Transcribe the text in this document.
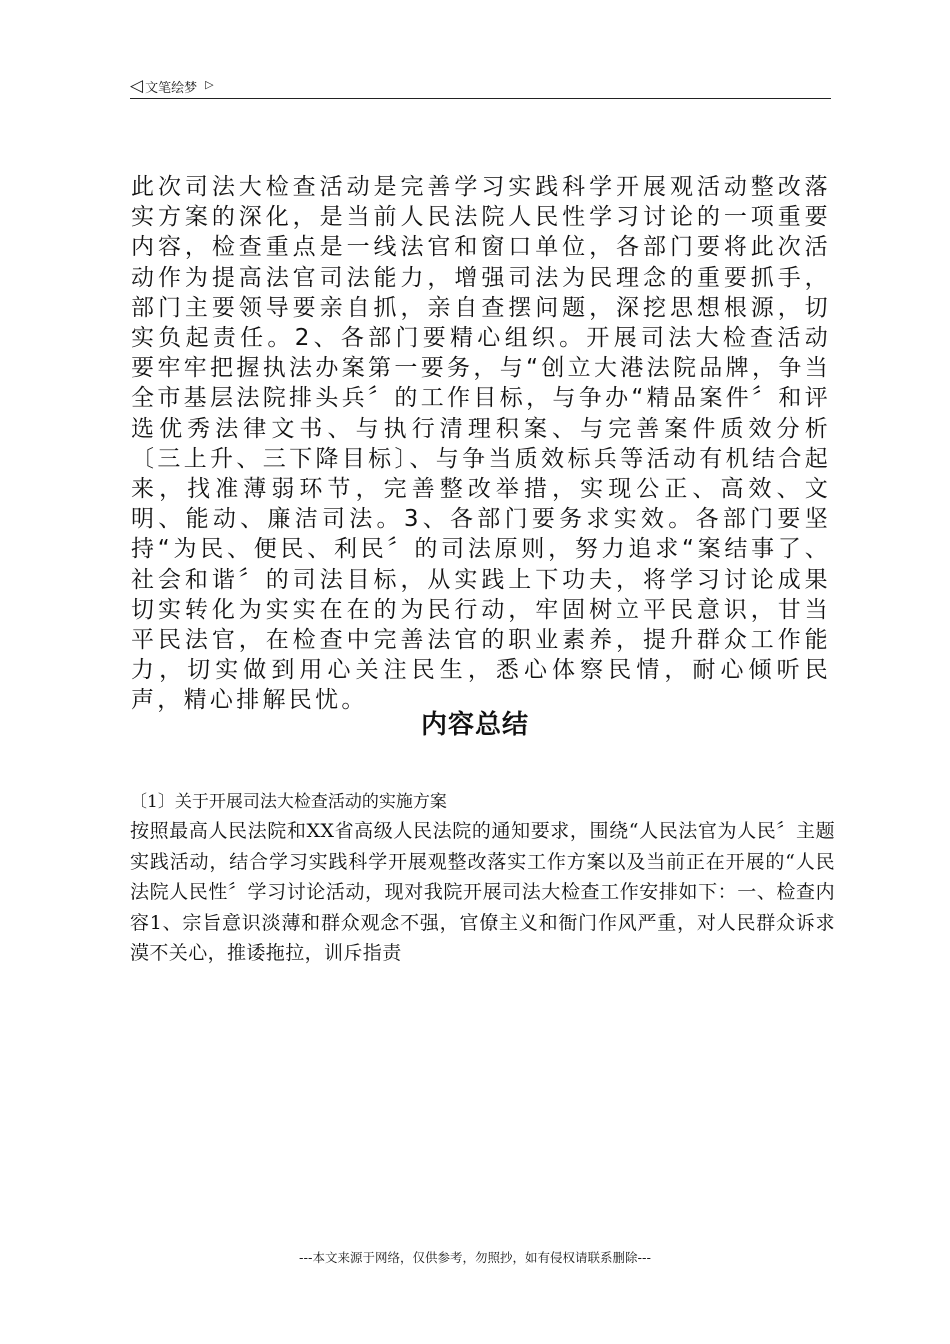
◁ 文笔绘梦 ▷

此次司法大检查活动是完善学习实践科学开展观活动整改落实方案的深化，是当前人民法院人民性学习讨论的一项重要内容，检查重点是一线法官和窗口单位，各部门要将此次活动作为提高法官司法能力，增强司法为民理念的重要抓手，部门主要领导要亲自抓，亲自查摆问题，深挖思想根源，切实负起责任。2、各部门要精心组织。开展司法大检查活动要牢牢把握执法办案第一要务，与“创立大港法院品牌，争当全市基层法院排头兵〞的工作目标，与争办“精品案件〞和评选优秀法律文书、与执行清理积案、与完善案件质效分析〔三上升、三下降目标〕、与争当质效标兵等活动有机结合起来，找准薄弱环节，完善整改举措，实现公正、高效、文明、能动、廉洁司法。3、各部门要务求实效。各部门要坚持“为民、便民、利民〞的司法原则，努力追求“案结事了、社会和谐〞的司法目标，从实践上下功夫，将学习讨论成果切实转化为实实在在的为民行动，牢固树立平民意识，甘当平民法官，在检查中完善法官的职业素养，提升群众工作能力，切实做到用心关注民生，悉心体察民情，耐心倾听民声，精心排解民忧。

内容总结

〔1〕关于开展司法大检查活动的实施方案

按照最高人民法院和XX省高级人民法院的通知要求，围绕“人民法官为人民〞主题实践活动，结合学习实践科学开展观整改落实工作方案以及当前正在开展的“人民法院人民性〞学习讨论活动，现对我院开展司法大检查工作安排如下：一、检查内容1、宗旨意识淡薄和群众观念不强，官僚主义和衙门作风严重，对人民群众诉求漠不关心，推诿拖拉，训斥指责

---本文来源于网络，仅供参考，勿照抄，如有侵权请联系删除---
